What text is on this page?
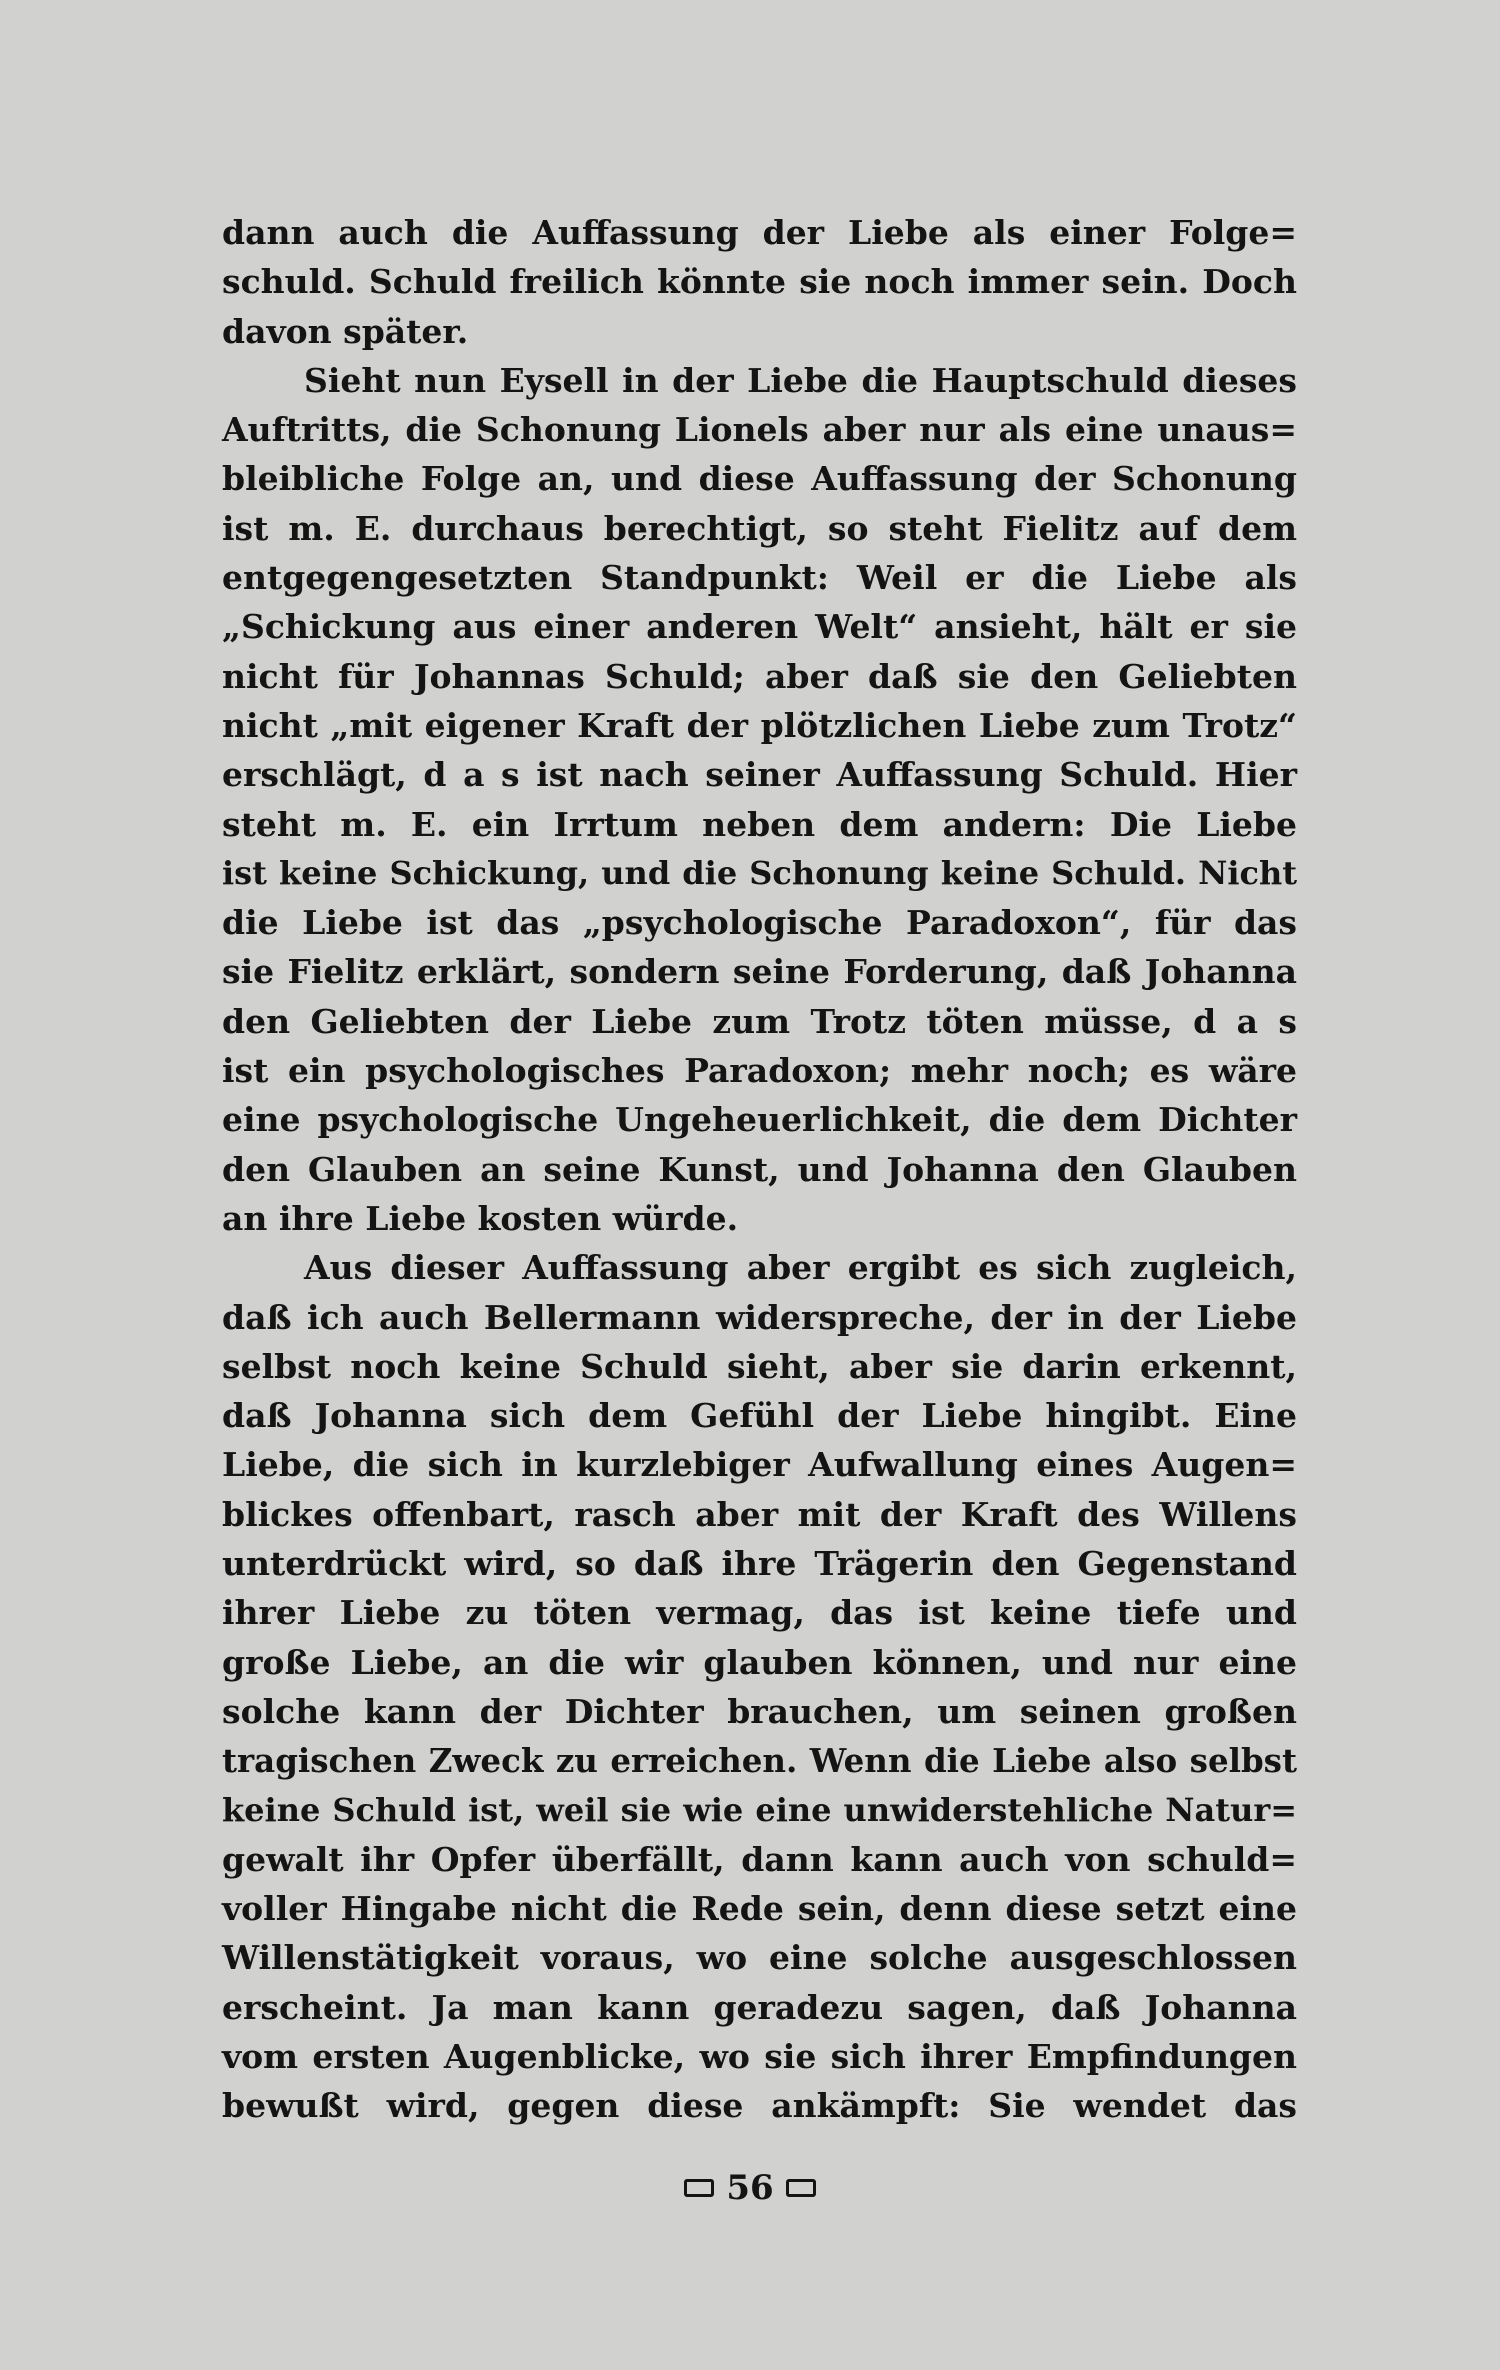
dann auch die Auffassung der Liebe als einer Folge=
schuld. Schuld freilich könnte sie noch immer sein. Doch
davon später.
Sieht nun Eysell in der Liebe die Hauptschuld dieses
Auftritts, die Schonung Lionels aber nur als eine unaus=
bleibliche Folge an, und diese Auffassung der Schonung
ist m. E. durchaus berechtigt, so steht Fielitz auf dem
entgegengesetzten Standpunkt: Weil er die Liebe als
„Schickung aus einer anderen Welt“ ansieht, hält er sie
nicht für Johannas Schuld; aber daß sie den Geliebten
nicht „mit eigener Kraft der plötzlichen Liebe zum Trotz“
erschlägt, d a s ist nach seiner Auffassung Schuld. Hier
steht m. E. ein Irrtum neben dem andern: Die Liebe
ist keine Schickung, und die Schonung keine Schuld. Nicht
die Liebe ist das „psychologische Paradoxon“, für das
sie Fielitz erklärt, sondern seine Forderung, daß Johanna
den Geliebten der Liebe zum Trotz töten müsse, d a s
ist ein psychologisches Paradoxon; mehr noch; es wäre
eine psychologische Ungeheuerlichkeit, die dem Dichter
den Glauben an seine Kunst, und Johanna den Glauben
an ihre Liebe kosten würde.
Aus dieser Auffassung aber ergibt es sich zugleich,
daß ich auch Bellermann widerspreche, der in der Liebe
selbst noch keine Schuld sieht, aber sie darin erkennt,
daß Johanna sich dem Gefühl der Liebe hingibt. Eine
Liebe, die sich in kurzlebiger Aufwallung eines Augen=
blickes offenbart, rasch aber mit der Kraft des Willens
unterdrückt wird, so daß ihre Trägerin den Gegenstand
ihrer Liebe zu töten vermag, das ist keine tiefe und
große Liebe, an die wir glauben können, und nur eine
solche kann der Dichter brauchen, um seinen großen
tragischen Zweck zu erreichen. Wenn die Liebe also selbst
keine Schuld ist, weil sie wie eine unwiderstehliche Natur=
gewalt ihr Opfer überfällt, dann kann auch von schuld=
voller Hingabe nicht die Rede sein, denn diese setzt eine
Willenstätigkeit voraus, wo eine solche ausgeschlossen
erscheint. Ja man kann geradezu sagen, daß Johanna
vom ersten Augenblicke, wo sie sich ihrer Empfindungen
bewußt wird, gegen diese ankämpft: Sie wendet das
56
